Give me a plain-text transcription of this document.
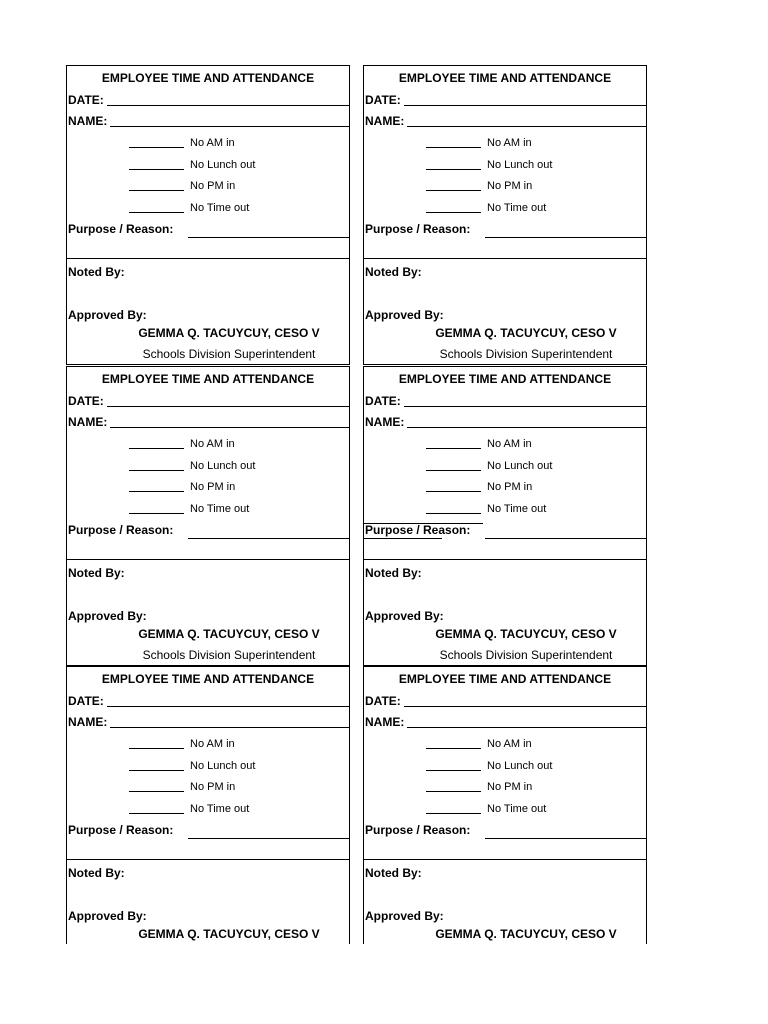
EMPLOYEE TIME AND ATTENDANCE
DATE:
NAME:
No AM in
No Lunch out
No PM in
No Time out
Purpose / Reason:
Noted By:
Approved By:
GEMMA Q. TACUYCUY, CESO V
Schools Division Superintendent
EMPLOYEE TIME AND ATTENDANCE
DATE:
NAME:
No AM in
No Lunch out
No PM in
No Time out
Purpose / Reason:
Noted By:
Approved By:
GEMMA Q. TACUYCUY, CESO V
Schools Division Superintendent
EMPLOYEE TIME AND ATTENDANCE
DATE:
NAME:
No AM in
No Lunch out
No PM in
No Time out
Purpose / Reason:
Noted By:
Approved By:
GEMMA Q. TACUYCUY, CESO V
Schools Division Superintendent
EMPLOYEE TIME AND ATTENDANCE
DATE:
NAME:
No AM in
No Lunch out
No PM in
No Time out
Purpose / Reason:
Noted By:
Approved By:
GEMMA Q. TACUYCUY, CESO V
Schools Division Superintendent
EMPLOYEE TIME AND ATTENDANCE
DATE:
NAME:
No AM in
No Lunch out
No PM in
No Time out
Purpose / Reason:
Noted By:
Approved By:
GEMMA Q. TACUYCUY, CESO V
EMPLOYEE TIME AND ATTENDANCE
DATE:
NAME:
No AM in
No Lunch out
No PM in
No Time out
Purpose / Reason:
Noted By:
Approved By:
GEMMA Q. TACUYCUY, CESO V
